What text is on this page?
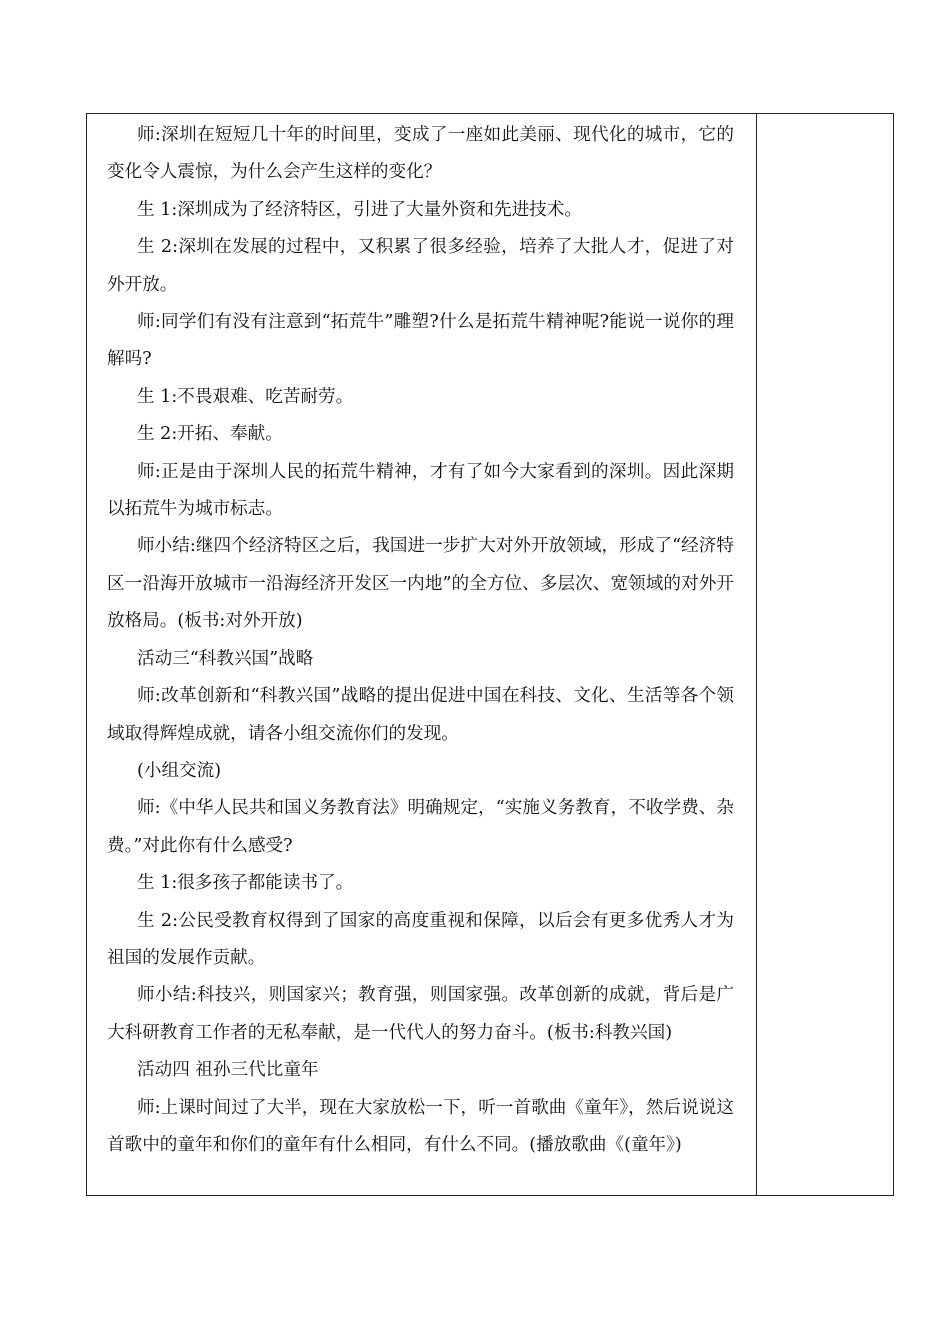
师:深圳在短短几十年的时间里，变成了一座如此美丽、现代化的城市，它的变化令人震惊，为什么会产生这样的变化？

生 1:深圳成为了经济特区，引进了大量外资和先进技术。

生 2:深圳在发展的过程中，又积累了很多经验，培养了大批人才，促进了对外开放。

师:同学们有没有注意到“拓荒牛”雕塑?什么是拓荒牛精神呢?能说一说你的理解吗?

生 1:不畏艰难、吃苦耐劳。

生 2:开拓、奉献。

师:正是由于深圳人民的拓荒牛精神，才有了如今大家看到的深圳。因此深期以拓荒牛为城市标志。

师小结:继四个经济特区之后，我国进一步扩大对外开放领域，形成了“经济特区一沿海开放城市一沿海经济开发区一内地”的全方位、多层次、宽领域的对外开放格局。(板书:对外开放)

活动三“科教兴国”战略

师:改革创新和“科教兴国”战略的提出促进中国在科技、文化、生活等各个领域取得辉煌成就，请各小组交流你们的发现。

(小组交流)

师:《中华人民共和国义务教育法》明确规定，“实施义务教育，不收学费、杂费。”对此你有什么感受?

生 1:很多孩子都能读书了。

生 2:公民受教育权得到了国家的高度重视和保障，以后会有更多优秀人才为祖国的发展作贡献。

师小结:科技兴，则国家兴；教育强，则国家强。改革创新的成就，背后是广大科研教育工作者的无私奉献，是一代代人的努力奋斗。(板书:科教兴国)

活动四 祖孙三代比童年

师:上课时间过了大半，现在大家放松一下，听一首歌曲《童年》，然后说说这首歌中的童年和你们的童年有什么相同，有什么不同。(播放歌曲《(童年》)
